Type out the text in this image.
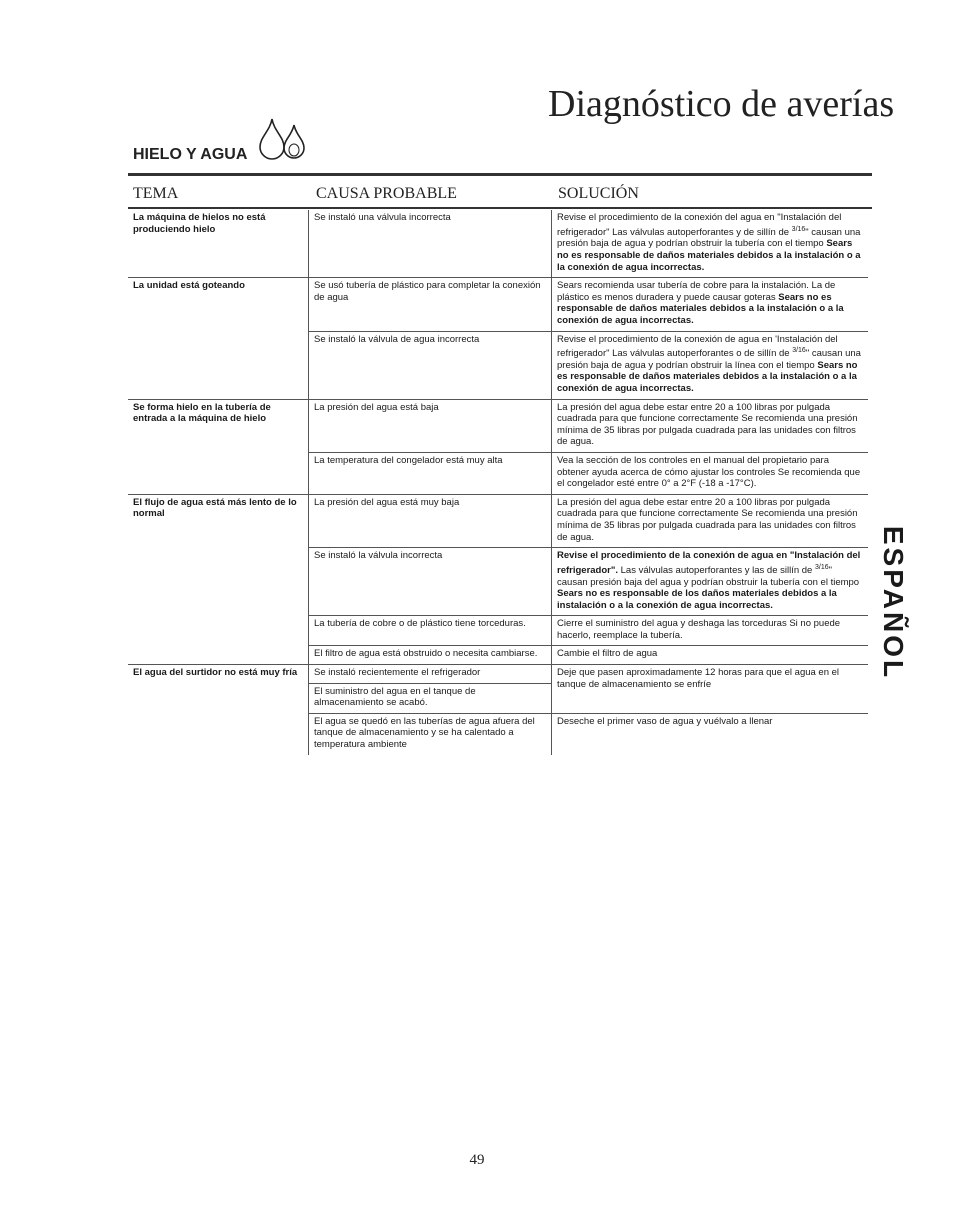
Diagnóstico de averías
HIELO Y AGUA
TEMA	CAUSA PROBABLE	SOLUCIÓN
La máquina de hielos no está produciendo hielo	Se instaló una válvula incorrecta	Revise el procedimiento de la conexión del agua en "Instalación del refrigerador" Las válvulas autoperforantes y de sillín de $^{3/16}$" causan una presión baja de agua y podrían obstruir la tubería con el tiempo Sears no es responsable de daños materiales debidos a la instalación o a la conexión de agua incorrectas.
La unidad está goteando	Se usó tubería de plástico para completar la conexión de agua	Sears recomienda usar tubería de cobre para la instalación. La de plástico es menos duradera y puede causar goteras Sears no es responsable de daños materiales debidos a la instalación o a la conexión de agua incorrectas.
	Se instaló la válvula de agua incorrecta	Revise el procedimiento de la conexión de agua en 'Instalación del refrigerador" Las válvulas autoperforantes o de sillín de $^{3/16}$" causan una presión baja de agua y podrían obstruir la línea con el tiempo Sears no es responsable de daños materiales debidos a la instalación o a la conexión de agua incorrectas.
Se forma hielo en la tubería de entrada a la máquina de hielo	La presión del agua está baja	La presión del agua debe estar entre 20 a 100 libras por pulgada cuadrada para que funcione correctamente Se recomienda una presión mínima de 35 libras por pulgada cuadrada para las unidades con filtros de agua.
	La temperatura del congelador está muy alta	Vea la sección de los controles en el manual del propietario para obtener ayuda acerca de cómo ajustar los controles Se recomienda que el congelador esté entre 0° a 2°F (-18 a -17°C).
El flujo de agua está más lento de lo normal	La presión del agua está muy baja	La presión del agua debe estar entre 20 a 100 libras por pulgada cuadrada para que funcione correctamente Se recomienda una presión mínima de 35 libras por pulgada cuadrada para las unidades con filtros de agua.
	Se instaló la válvula incorrecta	Revise el procedimiento de la conexión de agua en "Instalación del refrigerador". Las válvulas autoperforantes y las de sillín de $^{3/16}$" causan presión baja del agua y podrían obstruir la tubería con el tiempo Sears no es responsable de los daños materiales debidos a la instalación o a la conexión de agua incorrectas.
	La tubería de cobre o de plástico tiene torceduras.	Cierre el suministro del agua y deshaga las torceduras Si no puede hacerlo, reemplace la tubería.
	El filtro de agua está obstruido o necesita cambiarse.	Cambie el filtro de agua
El agua del surtidor no está muy fría	Se instaló recientemente el refrigerador	Deje que pasen aproximadamente 12 horas para que el agua en el tanque de almacenamiento se enfríe
	El suministro del agua en el tanque de almacenamiento se acabó.	
	El agua se quedó en las tuberías de agua afuera del tanque de almacenamiento y se ha calentado a temperatura ambiente	Deseche el primer vaso de agua y vuélvalo a llenar
ESPAÑOL
49
